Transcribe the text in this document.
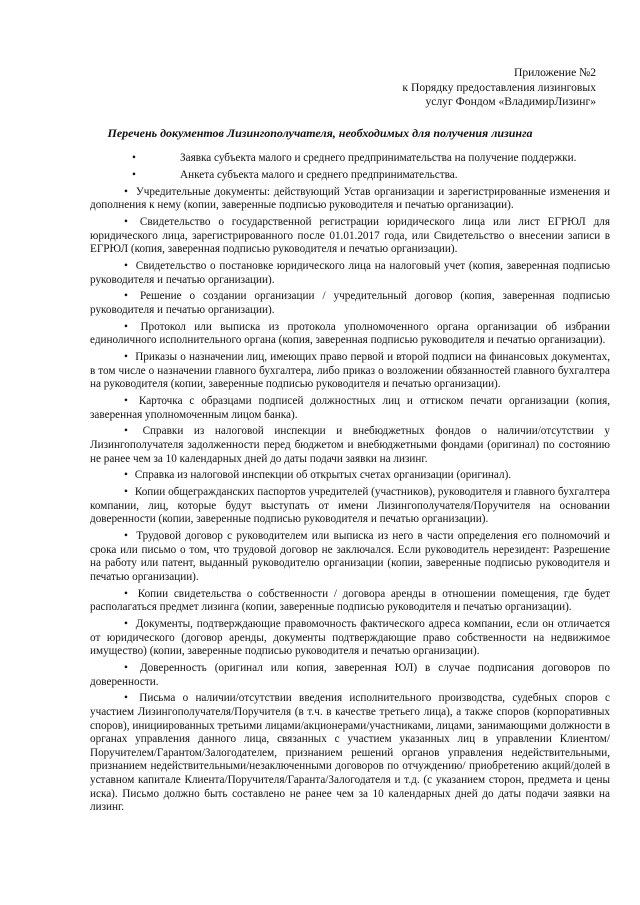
Приложение №2
к Порядку предоставления лизинговых
услуг Фондом «ВладимирЛизинг»
Перечень документов Лизингополучателя, необходимых для получения лизинга
•	Заявка субъекта малого и среднего предпринимательства на получение поддержки.
•	Анкета субъекта малого и среднего предпринимательства.
• Учредительные документы: действующий Устав организации и зарегистрированные изменения и дополнения к нему (копии, заверенные подписью руководителя и печатью организации).
• Свидетельство о государственной регистрации юридического лица или лист ЕГРЮЛ для юридического лица, зарегистрированного после 01.01.2017 года, или Свидетельство о внесении записи в ЕГРЮЛ (копия, заверенная подписью руководителя и печатью организации).
• Свидетельство о постановке юридического лица на налоговый учет (копия, заверенная подписью руководителя и печатью организации).
• Решение о создании организации / учредительный договор (копия, заверенная подписью руководителя и печатью организации).
• Протокол или выписка из протокола уполномоченного органа организации об избрании единоличного исполнительного органа (копия, заверенная подписью руководителя и печатью организации).
• Приказы о назначении лиц, имеющих право первой и второй подписи на финансовых документах, в том числе о назначении главного бухгалтера, либо приказ о возложении обязанностей главного бухгалтера на руководителя (копии, заверенные подписью руководителя и печатью организации).
• Карточка с образцами подписей должностных лиц и оттиском печати организации (копия, заверенная уполномоченным лицом банка).
• Справки из налоговой инспекции и внебюджетных фондов о наличии/отсутствии у Лизингополучателя задолженности перед бюджетом и внебюджетными фондами (оригинал) по состоянию не ранее чем за 10 календарных дней до даты подачи заявки на лизинг.
• Справка из налоговой инспекции об открытых счетах организации (оригинал).
• Копии общегражданских паспортов учредителей (участников), руководителя и главного бухгалтера компании, лиц, которые будут выступать от имени Лизингополучателя/Поручителя на основании доверенности (копии, заверенные подписью руководителя и печатью организации).
• Трудовой договор с руководителем или выписка из него в части определения его полномочий и срока или письмо о том, что трудовой договор не заключался. Если руководитель нерезидент: Разрешение на работу или патент, выданный руководителю организации (копии, заверенные подписью руководителя и печатью организации).
• Копии свидетельства о собственности / договора аренды в отношении помещения, где будет располагаться предмет лизинга (копии, заверенные подписью руководителя и печатью организации).
• Документы, подтверждающие правомочность фактического адреса компании, если он отличается от юридического (договор аренды, документы подтверждающие право собственности на недвижимое имущество) (копии, заверенные подписью руководителя и печатью организации).
• Доверенность (оригинал или копия, заверенная ЮЛ) в случае подписания договоров по доверенности.
• Письма о наличии/отсутствии введения исполнительного производства, судебных споров с участием Лизингополучателя/Поручителя (в т.ч. в качестве третьего лица), а также споров (корпоративных споров), инициированных третьими лицами/акционерами/участниками, лицами, занимающими должности в органах управления данного лица, связанных с участием указанных лиц в управлении Клиентом/Поручителем/Гарантом/Залогодателем, признанием решений органов управления недействительными, признанием недействительными/незаключенными договоров по отчуждению/ приобретению акций/долей в уставном капитале Клиента/Поручителя/Гаранта/Залогодателя и т.д. (с указанием сторон, предмета и цены иска). Письмо должно быть составлено не ранее чем за 10 календарных дней до даты подачи заявки на лизинг.
